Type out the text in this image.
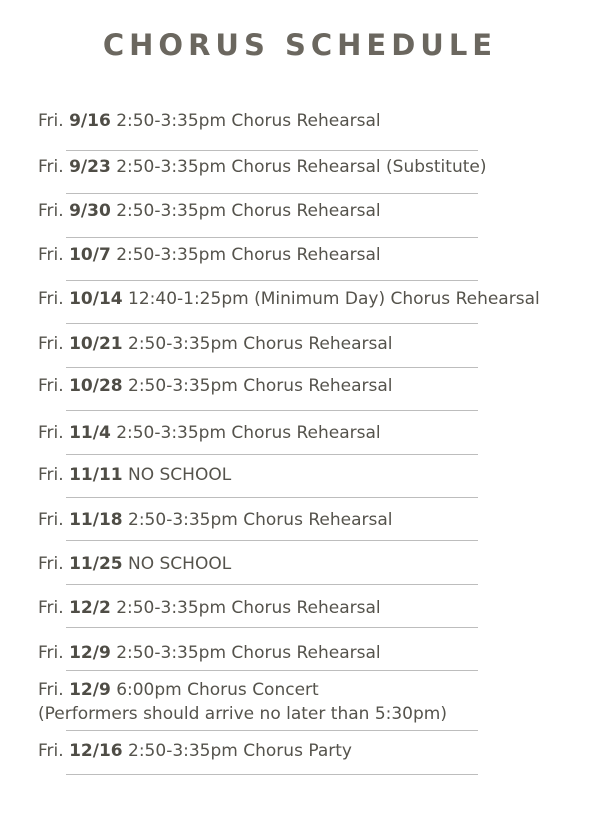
CHORUS SCHEDULE
Fri. 9/16 2:50-3:35pm Chorus Rehearsal
Fri. 9/23 2:50-3:35pm Chorus Rehearsal (Substitute)
Fri. 9/30 2:50-3:35pm Chorus Rehearsal
Fri. 10/7 2:50-3:35pm Chorus Rehearsal
Fri. 10/14 12:40-1:25pm (Minimum Day) Chorus Rehearsal
Fri. 10/21 2:50-3:35pm Chorus Rehearsal
Fri. 10/28 2:50-3:35pm Chorus Rehearsal
Fri. 11/4 2:50-3:35pm Chorus Rehearsal
Fri. 11/11 NO SCHOOL
Fri. 11/18 2:50-3:35pm Chorus Rehearsal
Fri. 11/25 NO SCHOOL
Fri. 12/2 2:50-3:35pm Chorus Rehearsal
Fri. 12/9 2:50-3:35pm Chorus Rehearsal
Fri. 12/9 6:00pm Chorus Concert
(Performers should arrive no later than 5:30pm)
Fri. 12/16 2:50-3:35pm Chorus Party
